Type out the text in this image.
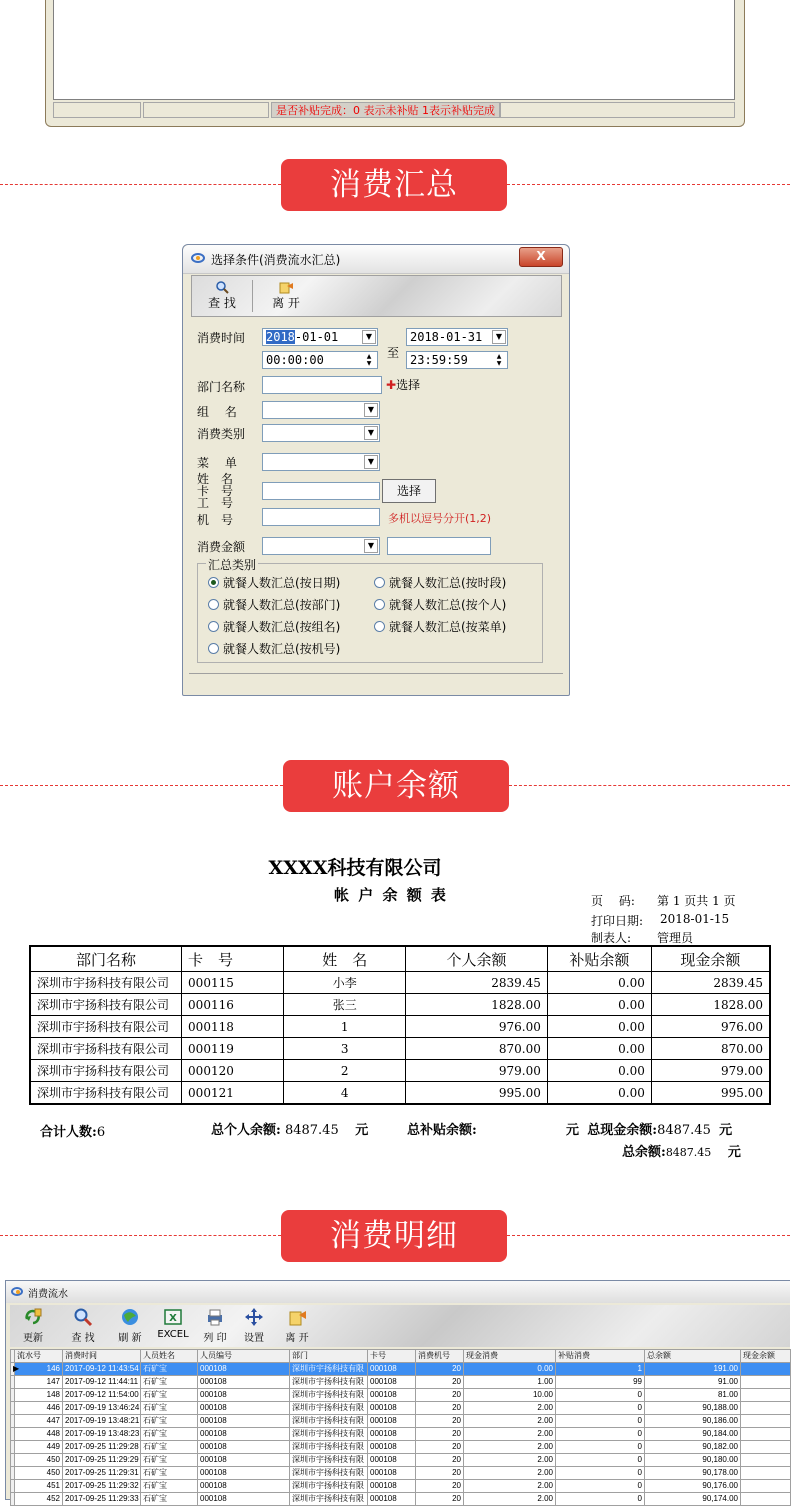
是否补贴完成：0 表示未补贴 1表示补贴完成
消费汇总
选择条件(消费流水汇总)	X
查 找	离 开
消费时间	2018-01-01	▼
00:00:00	▲
▼
至
2018-01-31	▼
23:59:59	▲
▼
部门名称	✚选择
组　 名	▼
消费类别	▼
菜　 单	▼
姓　名
卡　号
工　号
选择
机　号	多机以逗号分开(1,2)
消费金额	▼
汇总类别
就餐人数汇总(按日期)	就餐人数汇总(按时段)
就餐人数汇总(按部门)	就餐人数汇总(按个人)
就餐人数汇总(按组名)	就餐人数汇总(按菜单)
就餐人数汇总(按机号)
账户余额
XXXX科技有限公司
帐 户 余 额 表	页　 码: 第 1 页共 1 页
打印日期: 2018-01-15
制表人: 管理员
部门名称	卡　号	姓　名	个人余额	补贴余额	现金余额
深圳市宇扬科技有限公司	000115	小李	2839.45	0.00	2839.45
深圳市宇扬科技有限公司	000116	张三	1828.00	0.00	1828.00
深圳市宇扬科技有限公司	000118	1	976.00	0.00	976.00
深圳市宇扬科技有限公司	000119	3	870.00	0.00	870.00
深圳市宇扬科技有限公司	000120	2	979.00	0.00	979.00
深圳市宇扬科技有限公司	000121	4	995.00	0.00	995.00
合计人数:6	总个人余额: 8487.45 元	总补贴余额:	元 总现金余额:8487.45 元
总余额:8487.45 元
消费明细
消费流水
更新	查 找	刷 新
X
EXCEL	列 印	设置	离 开
	流水号	消费时间	人员姓名	人员编号	部门	卡号	消费机号	现金消费	补贴消费	总余额	现金余额
▶	146	2017-09-12 11:43:54	石矿宝	000108	深圳市宇扬科技有限	000108	20	0.00	1	191.00	
	147	2017-09-12 11:44:11	石矿宝	000108	深圳市宇扬科技有限	000108	20	1.00	99	91.00	
	148	2017-09-12 11:54:00	石矿宝	000108	深圳市宇扬科技有限	000108	20	10.00	0	81.00	
	446	2017-09-19 13:46:24	石矿宝	000108	深圳市宇扬科技有限	000108	20	2.00	0	90,188.00	
	447	2017-09-19 13:48:21	石矿宝	000108	深圳市宇扬科技有限	000108	20	2.00	0	90,186.00	
	448	2017-09-19 13:48:23	石矿宝	000108	深圳市宇扬科技有限	000108	20	2.00	0	90,184.00	
	449	2017-09-25 11:29:28	石矿宝	000108	深圳市宇扬科技有限	000108	20	2.00	0	90,182.00	
	450	2017-09-25 11:29:29	石矿宝	000108	深圳市宇扬科技有限	000108	20	2.00	0	90,180.00	
	450	2017-09-25 11:29:31	石矿宝	000108	深圳市宇扬科技有限	000108	20	2.00	0	90,178.00	
	451	2017-09-25 11:29:32	石矿宝	000108	深圳市宇扬科技有限	000108	20	2.00	0	90,176.00	
	452	2017-09-25 11:29:33	石矿宝	000108	深圳市宇扬科技有限	000108	20	2.00	0	90,174.00	
